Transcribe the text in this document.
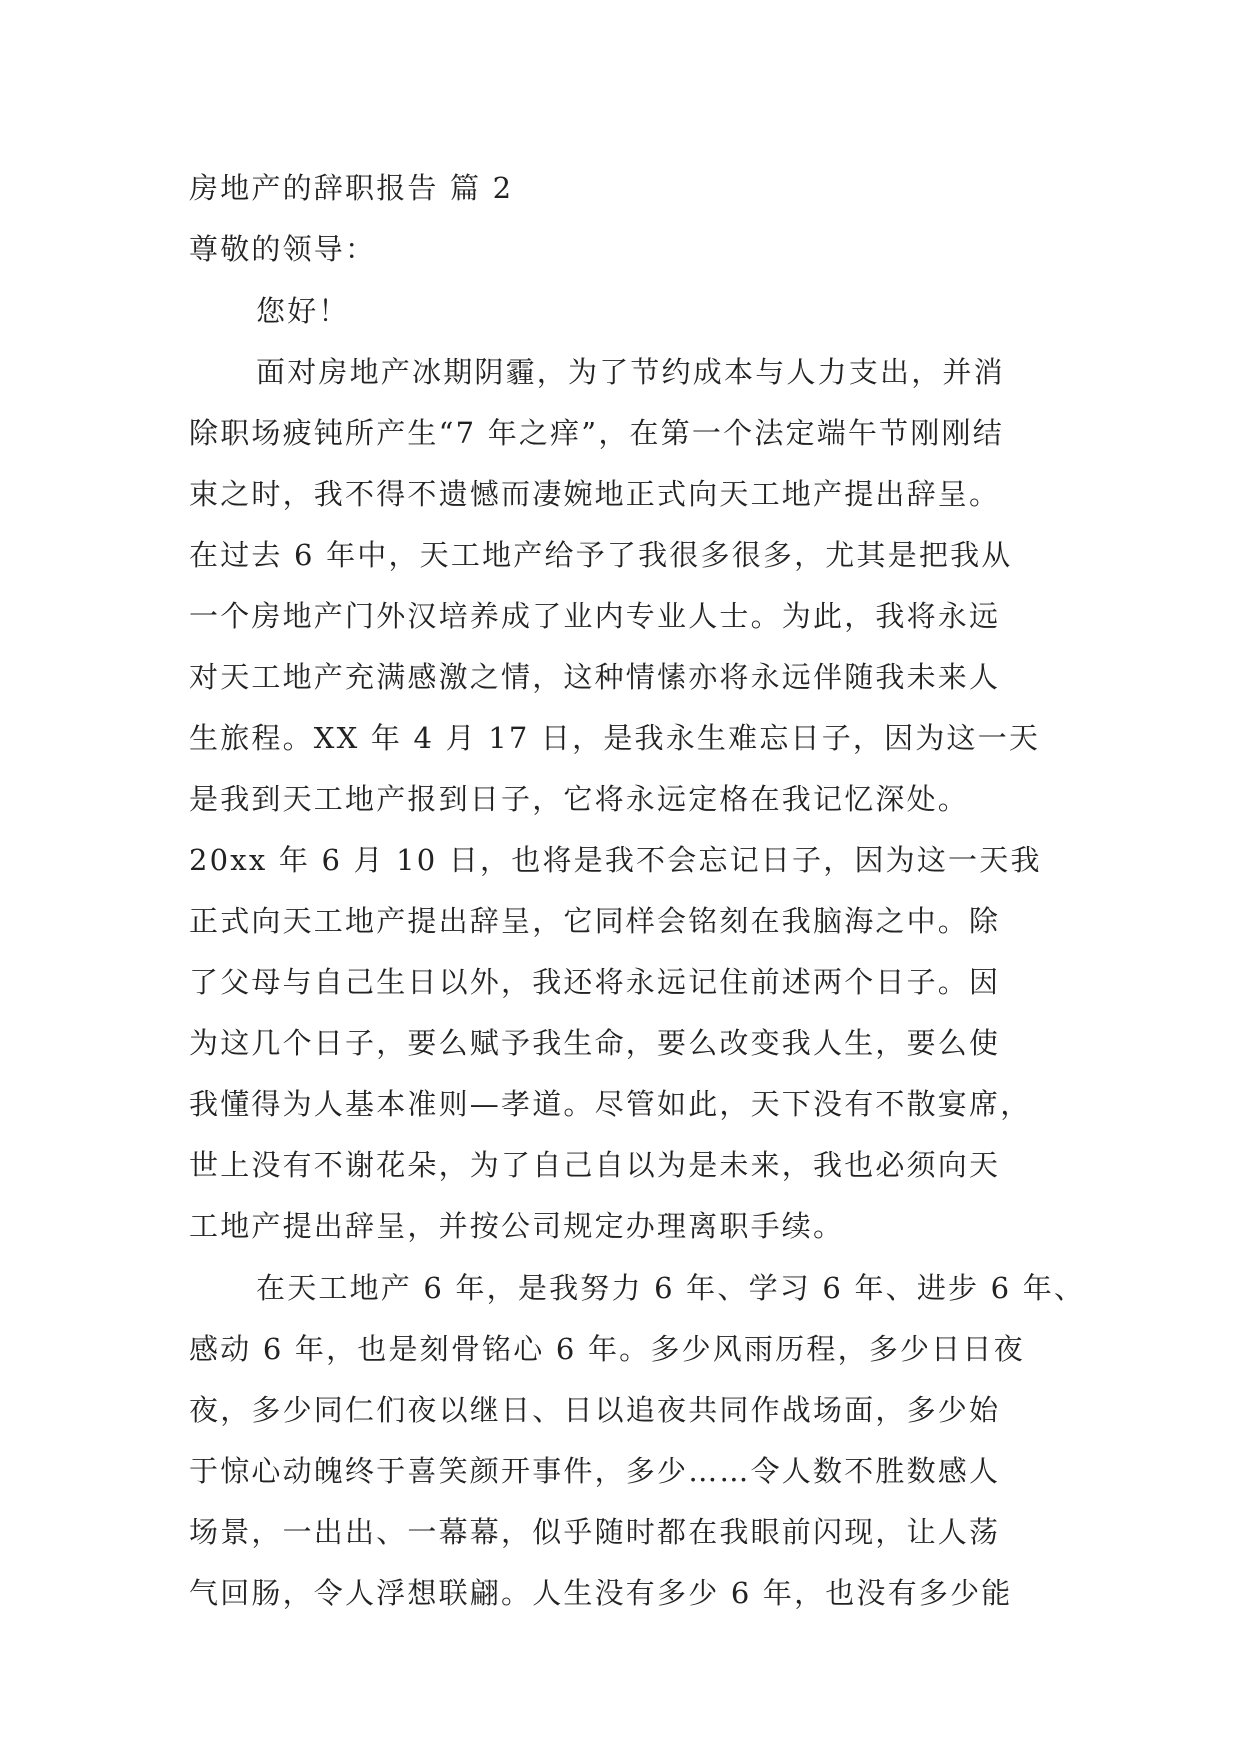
房地产的辞职报告 篇 2
尊敬的领导：
您好！
面对房地产冰期阴霾，为了节约成本与人力支出，并消
除职场疲钝所产生“7 年之痒”，在第一个法定端午节刚刚结
束之时，我不得不遗憾而凄婉地正式向天工地产提出辞呈。
在过去 6 年中，天工地产给予了我很多很多，尤其是把我从
一个房地产门外汉培养成了业内专业人士。为此，我将永远
对天工地产充满感激之情，这种情愫亦将永远伴随我未来人
生旅程。XX 年 4 月 17 日，是我永生难忘日子，因为这一天
是我到天工地产报到日子，它将永远定格在我记忆深处。
20xx 年 6 月 10 日，也将是我不会忘记日子，因为这一天我
正式向天工地产提出辞呈，它同样会铭刻在我脑海之中。除
了父母与自己生日以外，我还将永远记住前述两个日子。因
为这几个日子，要么赋予我生命，要么改变我人生，要么使
我懂得为人基本准则—孝道。尽管如此，天下没有不散宴席，
世上没有不谢花朵，为了自己自以为是未来，我也必须向天
工地产提出辞呈，并按公司规定办理离职手续。
在天工地产 6 年，是我努力 6 年、学习 6 年、进步 6 年、
感动 6 年，也是刻骨铭心 6 年。多少风雨历程，多少日日夜
夜，多少同仁们夜以继日、日以追夜共同作战场面，多少始
于惊心动魄终于喜笑颜开事件，多少……令人数不胜数感人
场景，一出出、一幕幕，似乎随时都在我眼前闪现，让人荡
气回肠，令人浮想联翩。人生没有多少 6 年，也没有多少能
